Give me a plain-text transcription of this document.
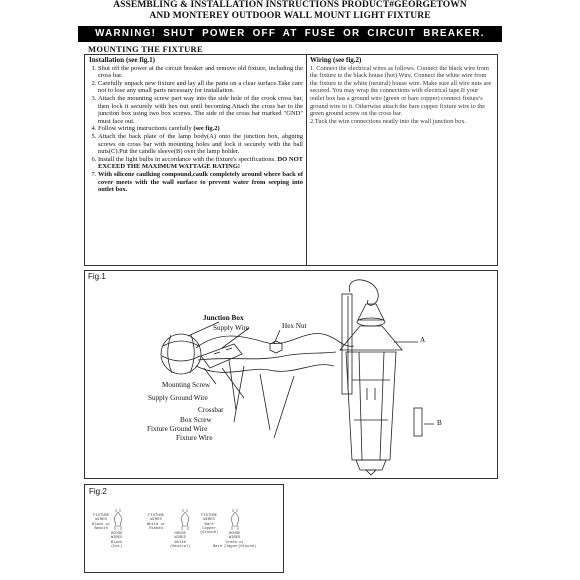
ASSEMBLING & INSTALLATION INSTRUCTIONS PRODUCT#GEORGETOWN
AND MONTEREY OUTDOOR WALL MOUNT LIGHT FIXTURE
WARNING! SHUT POWER OFF AT FUSE OR CIRCUIT BREAKER.
MOUNTING THE FIXTURE
Installation (see fig.1)
1. Shut off the power at the circuit breaker and remove old fixture, including the cross bar.
2. Carefully unpack new fixture and lay all the parts on a clear surface.Take care not to lose any small parts necessary for installation.
3. Attach the mounting screw part way into the side hole of the crook cross bar, then lock it securely with hex nut until becoming.Attach the cross bar to the junction box using two box screws. The side of the cross bar marked "GND" must face out.
4. Follow wiring instructions carefully (see fig.2)
5. Attach the back plate of the lamp body(A) onto the junction box, abgning screws on cross bar with mounting holes and lock it securely with the ball nuts(C).Put the candle sleeve(B) over the lamp holder.
6. Install the light bulbs in accordance with the fixture's specifications. DO NOT EXCEED THE MAXIMUM WATTAGE RATING!
7. With silicone caulking compound,caulk completely around where back of cover meets with the wall surface to prevent water from seeping into outlet box.
Wiring (see fig.2)
1. Connect the electrical wires as follows. Connect the black wire from the fixture to the black house (hot) Wire. Connect the white wire from the fixture to the white (neutral) house wire. Make sure all wire nuts are secured. You may wrap the connections with electrical tape.If your outlet box has a ground wire (green or bare copper) connect fixture's ground wire to it. Otherwise attach the bare copper fixture wire to the green ground screw on the cross bar.
2.Tuck the wire connections neatly into the wall junction box.
Fig.1
Junction Box
Supply Wire	Hex Nut
Mounting Screw
Supply Ground Wire
Crossbar
Box Screw
Fixture Ground Wire
Fixture Wire
A
B
Fig.2
FIXTURE
WIRES
Black or
Smooth
HOUSE
WIRES
Black
(Hot)
FIXTURE
WIRES
White or
Ribbed
HOUSE
WIRES
White
(Neutral)
FIXTURE
WIRES
Bare
Copper
(Ground)	HOUSE
WIRES
Green or
Bare Copper(Ground)
